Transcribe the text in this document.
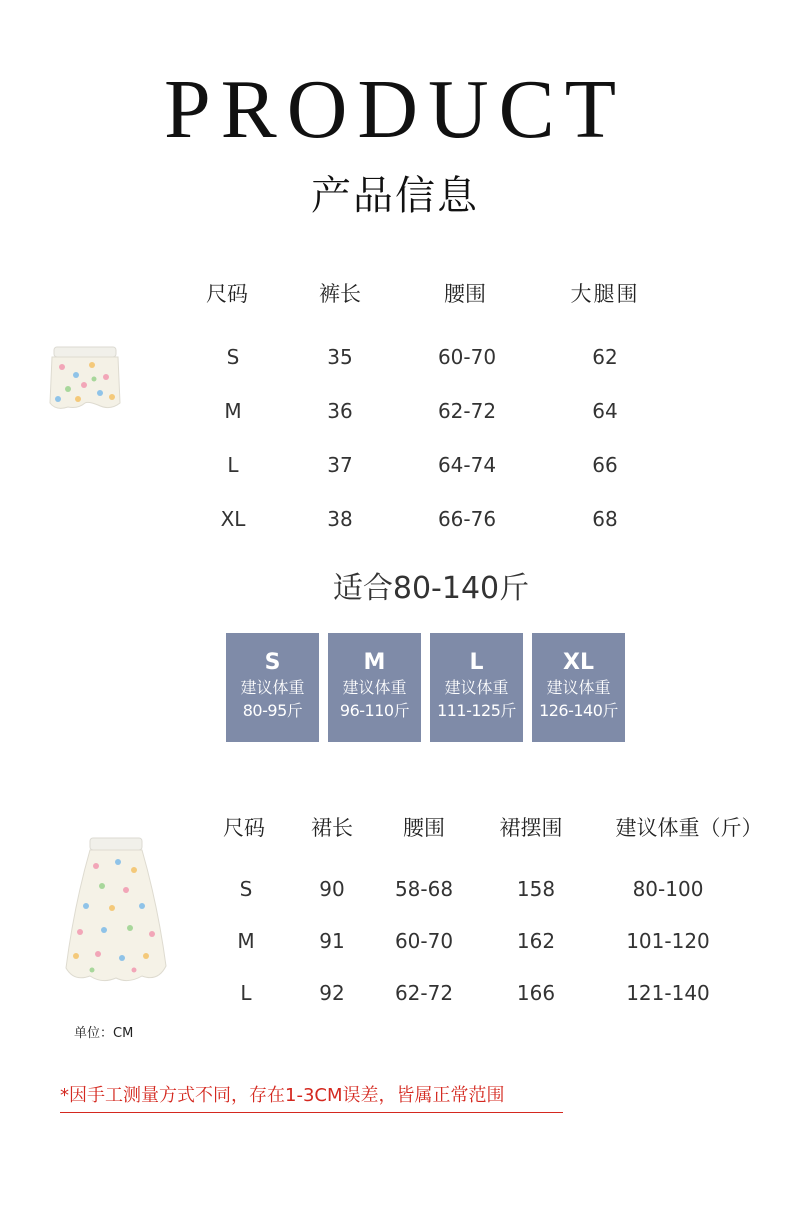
PRODUCT
产品信息
尺码	裤长	腰围	大腿围
S	35	60-70	62
M	36	62-72	64
L	37	64-74	66
XL	38	66-76	68
适合80-140斤
S
建议体重
80-95斤
M
建议体重
96-110斤
L
建议体重
111-125斤
XL
建议体重
126-140斤
尺码	裙长	腰围	裙摆围	建议体重（斤）
S	90	58-68	158	80-100
M	91	60-70	162	101-120
L	92	62-72	166	121-140
单位：CM
*因手工测量方式不同，存在1-3CM误差，皆属正常范围
